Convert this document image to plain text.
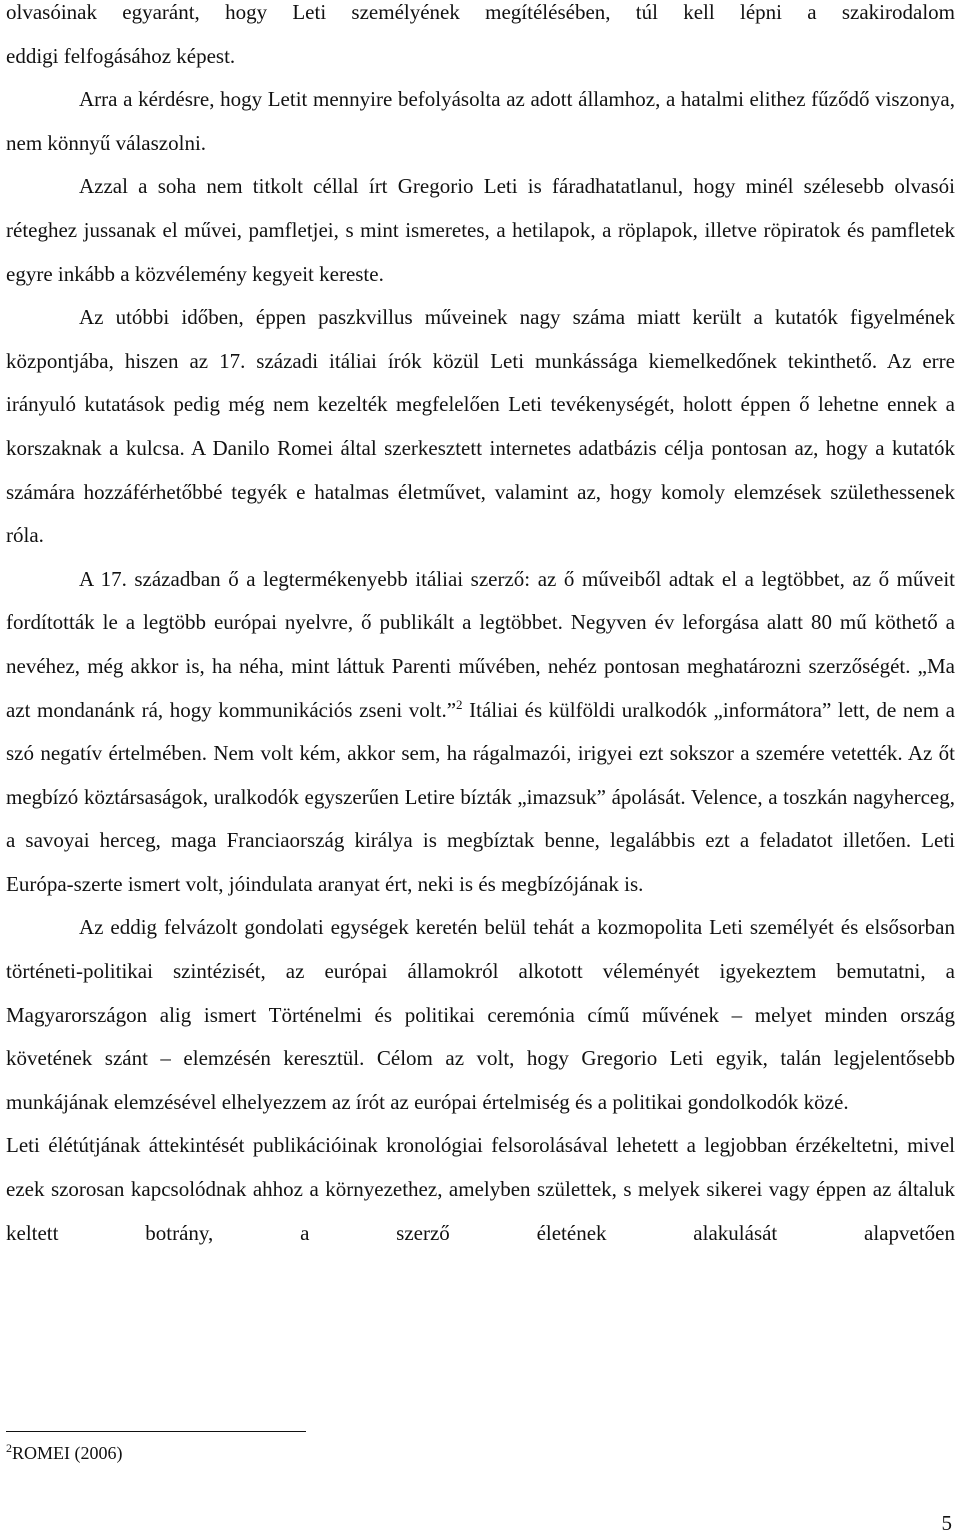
olvasóinak egyaránt, hogy Leti személyének megítélésében, túl kell lépni a szakirodalom

eddigi felfogásához képest.

Arra a kérdésre, hogy Letit mennyire befolyásolta az adott államhoz, a hatalmi elithez fűződő viszonya, nem könnyű válaszolni.

Azzal a soha nem titkolt céllal írt Gregorio Leti is fáradhatatlanul, hogy minél szélesebb olvasói réteghez jussanak el művei, pamfletjei, s mint ismeretes, a hetilapok, a röplapok, illetve röpiratok és pamfletek egyre inkább a közvélemény kegyeit kereste.

Az utóbbi időben, éppen paszkvillus műveinek nagy száma miatt került a kutatók figyelmének központjába, hiszen az 17. századi itáliai írók közül Leti munkássága kiemelkedőnek tekinthető. Az erre irányuló kutatások pedig még nem kezelték megfelelően Leti tevékenységét, holott éppen ő lehetne ennek a korszaknak a kulcsa. A Danilo Romei által szerkesztett internetes adatbázis célja pontosan az, hogy a kutatók számára hozzáférhetőbbé tegyék e hatalmas életművet, valamint az, hogy komoly elemzések születhessenek róla.

A 17. században ő a legtermékenyebb itáliai szerző: az ő műveiből adtak el a legtöbbet, az ő műveit fordították le a legtöbb európai nyelvre, ő publikált a legtöbbet. Negyven év leforgása alatt 80 mű köthető a nevéhez, még akkor is, ha néha, mint láttuk Parenti művében, nehéz pontosan meghatározni szerzőségét. „Ma azt mondanánk rá, hogy kommunikációs zseni volt.”$^2$ Itáliai és külföldi uralkodók „informátora” lett, de nem a szó negatív értelmében. Nem volt kém, akkor sem, ha rágalmazói, irigyei ezt sokszor a szemére vetették. Az őt megbízó köztársaságok, uralkodók egyszerűen Letire bízták „imazsuk” ápolását. Velence, a toszkán nagyherceg, a savoyai herceg, maga Franciaország királya is megbíztak benne, legalábbis ezt a feladatot illetően. Leti Európa-szerte ismert volt, jóindulata aranyat ért, neki is és megbízójának is.

Az eddig felvázolt gondolati egységek keretén belül tehát a kozmopolita Leti személyét és elsősorban történeti-politikai szintézisét, az európai államokról alkotott véleményét igyekeztem bemutatni, a Magyarországon alig ismert Történelmi és politikai ceremónia című művének – melyet minden ország követének szánt – elemzésén keresztül. Célom az volt, hogy Gregorio Leti egyik, talán legjelentősebb munkájának elemzésével elhelyezzem az írót az európai értelmiség és a politikai gondolkodók közé.

Leti élétútjának áttekintését publikációinak kronológiai felsorolásával lehetett a legjobban érzékeltetni, mivel ezek szorosan kapcsolódnak ahhoz a környezethez, amelyben születtek, s melyek sikerei vagy éppen az általuk keltett botrány, a szerző életének alakulását alapvetően

$^2$ROMEI (2006)
5
